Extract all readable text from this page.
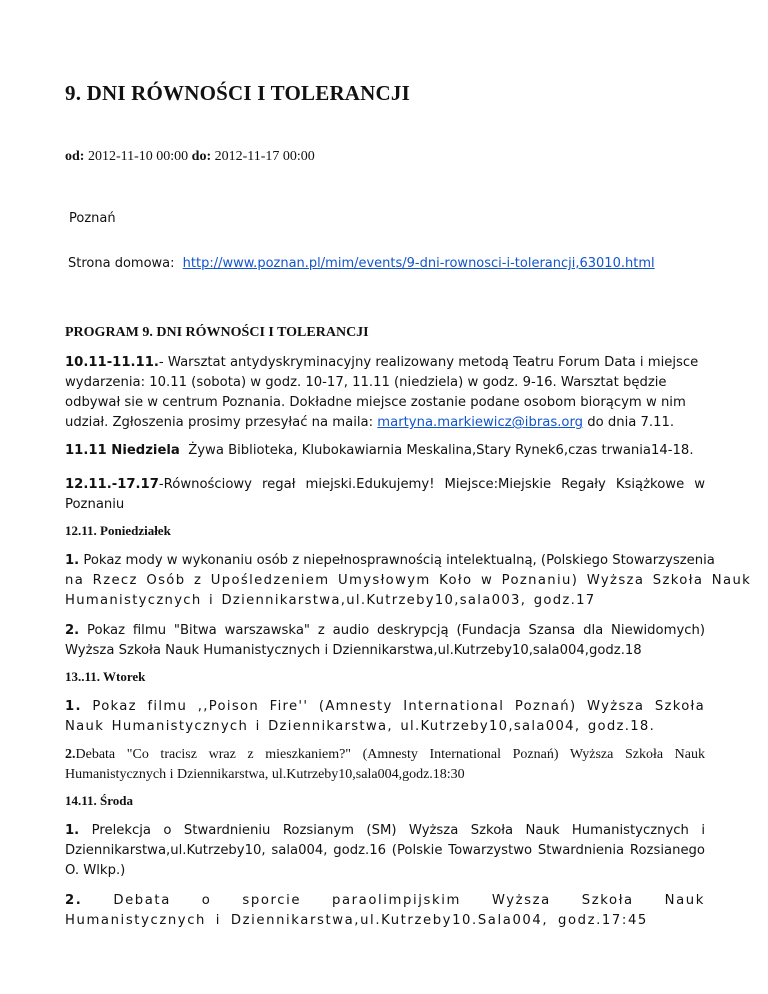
9. DNI RÓWNOŚCI I TOLERANCJI
od: 2012-11-10 00:00 do: 2012-11-17 00:00
Poznań
Strona domowa: http://www.poznan.pl/mim/events/9-dni-rownosci-i-tolerancji,63010.html
PROGRAM 9. DNI RÓWNOŚCI I TOLERANCJI

10.11-11.11.- Warsztat antydyskryminacyjny realizowany metodą Teatru Forum Data i miejsce wydarzenia: 10.11 (sobota) w godz. 10-17, 11.11 (niedziela) w godz. 9-16. Warsztat będzie odbywał sie w centrum Poznania. Dokładne miejsce zostanie podane osobom biorącym w nim udział. Zgłoszenia prosimy przesyłać na maila: martyna.markiewicz@ibras.org do dnia 7.11.

11.11 Niedziela  Żywa Biblioteka, Klubokawiarnia Meskalina,Stary Rynek6,czas trwania14-18.

12.11.-17.17-Równościowy regał miejski.Edukujemy! Miejsce:Miejskie Regały Książkowe w Poznaniu

12.11. Poniedziałek
1. Pokaz mody w wykonaniu osób z niepełnosprawnością intelektualną, (Polskiego Stowarzyszenia
na Rzecz Osób z Upośledzeniem Umysłowym Koło w Poznaniu) Wyższa Szkoła Nauk
Humanistycznych i Dziennikarstwa,ul.Kutrzeby10,sala003, godz.17

2. Pokaz filmu "Bitwa warszawska" z audio deskrypcją (Fundacja Szansa dla Niewidomych) Wyższa Szkoła Nauk Humanistycznych i Dziennikarstwa,ul.Kutrzeby10,sala004,godz.18

13..11. Wtorek

1. Pokaz filmu ,,Poison Fire'' (Amnesty International Poznań) Wyższa Szkoła Nauk Humanistycznych i Dziennikarstwa, ul.Kutrzeby10,sala004, godz.18.

2.Debata "Co tracisz wraz z mieszkaniem?" (Amnesty International Poznań) Wyższa Szkoła Nauk Humanistycznych i Dziennikarstwa, ul.Kutrzeby10,sala004,godz.18:30

14.11. Środa

1. Prelekcja o Stwardnieniu Rozsianym (SM) Wyższa Szkoła Nauk Humanistycznych i Dziennikarstwa,ul.Kutrzeby10, sala004, godz.16 (Polskie Towarzystwo Stwardnienia Rozsianego O. Wlkp.)

2. Debata o sporcie paraolimpijskim Wyższa Szkoła Nauk Humanistycznych i Dziennikarstwa,ul.Kutrzeby10.Sala004, godz.17:45
